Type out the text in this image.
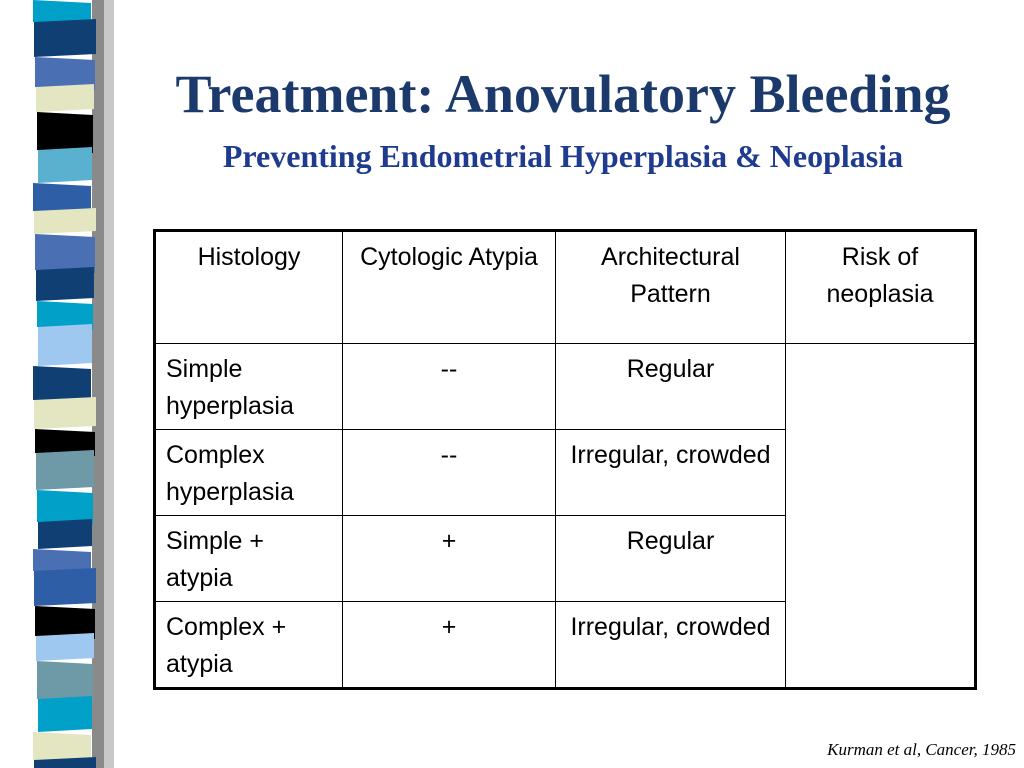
Treatment: Anovulatory Bleeding
Preventing Endometrial Hyperplasia & Neoplasia
Histology	Cytologic Atypia	Architectural Pattern	Risk of neoplasia
Simple hyperplasia	--	Regular	
Complex hyperplasia	--	Irregular, crowded	
Simple + atypia	+	Regular	
Complex + atypia	+	Irregular, crowded	
Kurman et al, Cancer, 1985
